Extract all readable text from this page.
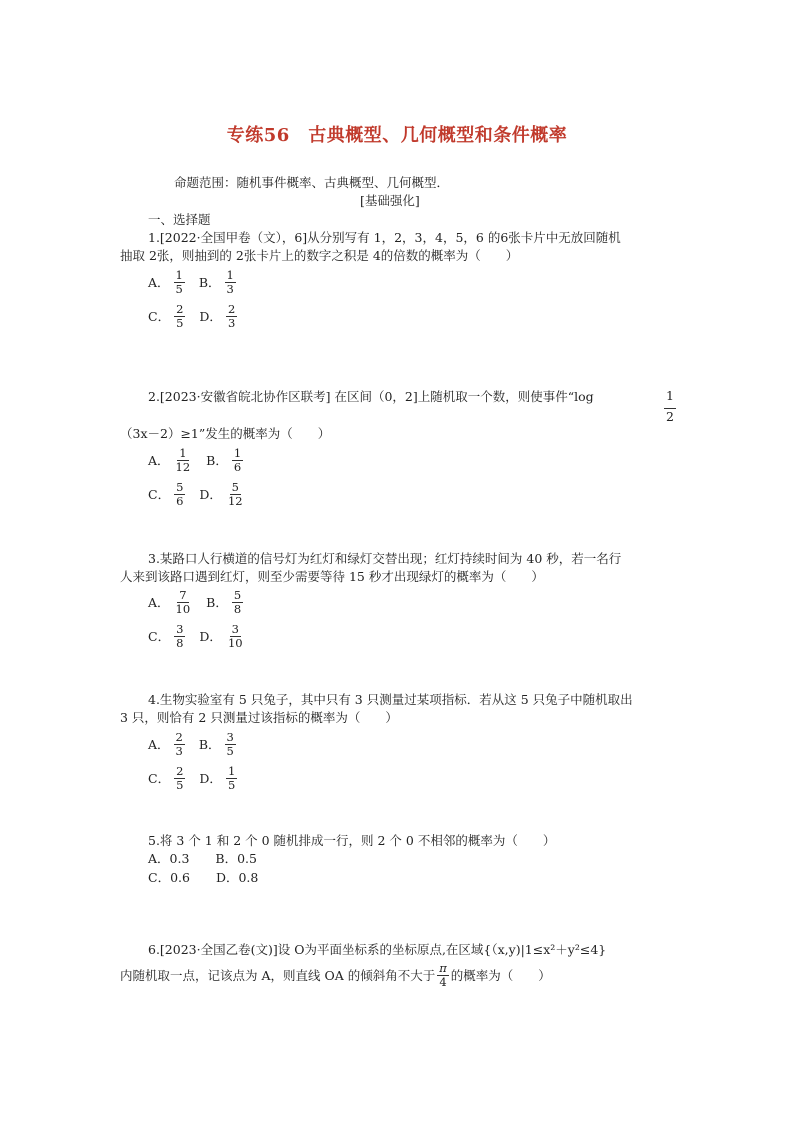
专练56　古典概型、几何概型和条件概率
命题范围：随机事件概率、古典概型、几何概型．
[基础强化]
一、选择题
1.[2022·全国甲卷（文），6]从分别写有 1，2，3，4，5，6 的6张卡片中无放回随机
抽取 2张，则抽到的 2张卡片上的数字之积是 4的倍数的概率为（　　）
A． $\frac{1}{5}$ B． $\frac{1}{3}$
C． $\frac{2}{5}$ D． $\frac{2}{3}$
2.[2023·安徽省皖北协作区联考] 在区间（0，2]上随机取一个数，则使事件“log	1
2
（3x－2）≥1”发生的概率为（　　）
A． $\frac{1}{12}$ B． $\frac{1}{6}$
C． $\frac{5}{6}$ D． $\frac{5}{12}$
3.某路口人行横道的信号灯为红灯和绿灯交替出现；红灯持续时间为 40 秒，若一名行
人来到该路口遇到红灯，则至少需要等待 15 秒才出现绿灯的概率为（　　）
A． $\frac{7}{10}$ B． $\frac{5}{8}$
C． $\frac{3}{8}$ D． $\frac{3}{10}$
4.生物实验室有 5 只兔子，其中只有 3 只测量过某项指标．若从这 5 只兔子中随机取出
3 只，则恰有 2 只测量过该指标的概率为（　　）
A． $\frac{2}{3}$ B． $\frac{3}{5}$
C． $\frac{2}{5}$ D． $\frac{1}{5}$
5.将 3 个 1 和 2 个 0 随机排成一行，则 2 个 0 不相邻的概率为（　　）
A．0.3 B．0.5
C．0.6 D．0.8
6.[2023·全国乙卷(文)]设 O为平面坐标系的坐标原点,在区域{（x,y)|1≤x²＋y²≤4}
内随机取一点，记该点为 A，则直线 OA 的倾斜角不大于 $\frac{\pi}{4}$ 的概率为（　　）
